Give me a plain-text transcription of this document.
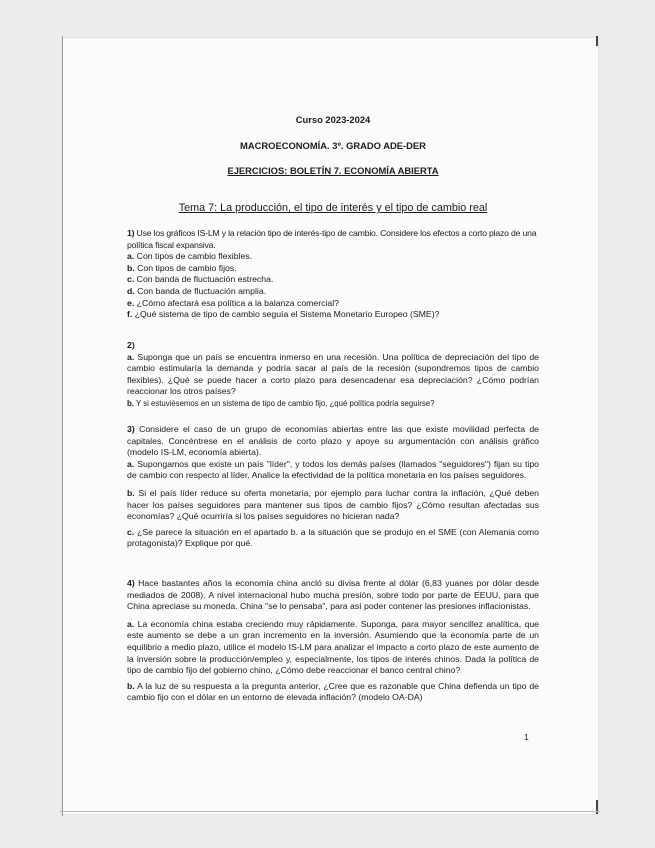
Curso 2023-2024
MACROECONOMÍA. 3º. GRADO ADE-DER
EJERCICIOS: BOLETÍN 7. ECONOMÍA ABIERTA
Tema 7: La producción, el tipo de interés y el tipo de cambio real

1) Use los gráficos IS-LM y la relación tipo de interés-tipo de cambio. Considere los efectos a corto plazo de una política fiscal expansiva.

a. Con tipos de cambio flexibles.

b. Con tipos de cambio fijos.

c. Con banda de fluctuación estrecha.

d. Con banda de fluctuación amplia.

e. ¿Cómo afectará esa política a la balanza comercial?

f. ¿Qué sistema de tipo de cambio seguía el Sistema Monetario Europeo (SME)?

2)

a. Suponga que un país se encuentra inmerso en una recesión. Una política de depreciación del tipo de cambio estimularía la demanda y podría sacar al país de la recesión (supondremos tipos de cambio flexibles). ¿Qué se puede hacer a corto plazo para desencadenar esa depreciación? ¿Cómo podrían reaccionar los otros países?

b. Y si estuviésemos en un sistema de tipo de cambio fijo, ¿qué política podría seguirse?

3) Considere el caso de un grupo de economías abiertas entre las que existe movilidad perfecta de capitales. Concéntrese en el análisis de corto plazo y apoye su argumentación con análisis gráfico (modelo IS-LM, economía abierta).

a. Supongamos que existe un país "líder", y todos los demás países (llamados "seguidores") fijan su tipo de cambio con respecto al líder. Analice la efectividad de la política monetaria en los países seguidores.

b. Si el país líder reduce su oferta monetaria, por ejemplo para luchar contra la inflación, ¿Qué deben hacer los países seguidores para mantener sus tipos de cambio fijos? ¿Cómo resultan afectadas sus economías? ¿Qué ocurriría si los países seguidores no hicieran nada?

c. ¿Se parece la situación en el apartado b. a la situación que se produjo en el SME (con Alemania como protagonista)? Explique por qué.

4) Hace bastantes años la economía china ancló su divisa frente al dólar (6,83 yuanes por dólar desde mediados de 2008). A nivel internacional hubo mucha presión, sobre todo por parte de EEUU, para que China apreciase su moneda. China "se lo pensaba", para así poder contener las presiones inflacionistas.

a. La economía china estaba creciendo muy rápidamente. Suponga, para mayor sencillez analítica, que este aumento se debe a un gran incremento en la inversión. Asumiendo que la economía parte de un equilibrio a medio plazo, utilice el modelo IS-LM para analizar el impacto a corto plazo de este aumento de la inversión sobre la producción/empleo y, especialmente, los tipos de interés chinos. Dada la política de tipo de cambio fijo del gobierno chino, ¿Cómo debe reaccionar el banco central chino?

b. A la luz de su respuesta a la pregunta anterior, ¿Cree que es razonable que China defienda un tipo de cambio fijo con el dólar en un entorno de elevada inflación? (modelo OA-DA)

1
